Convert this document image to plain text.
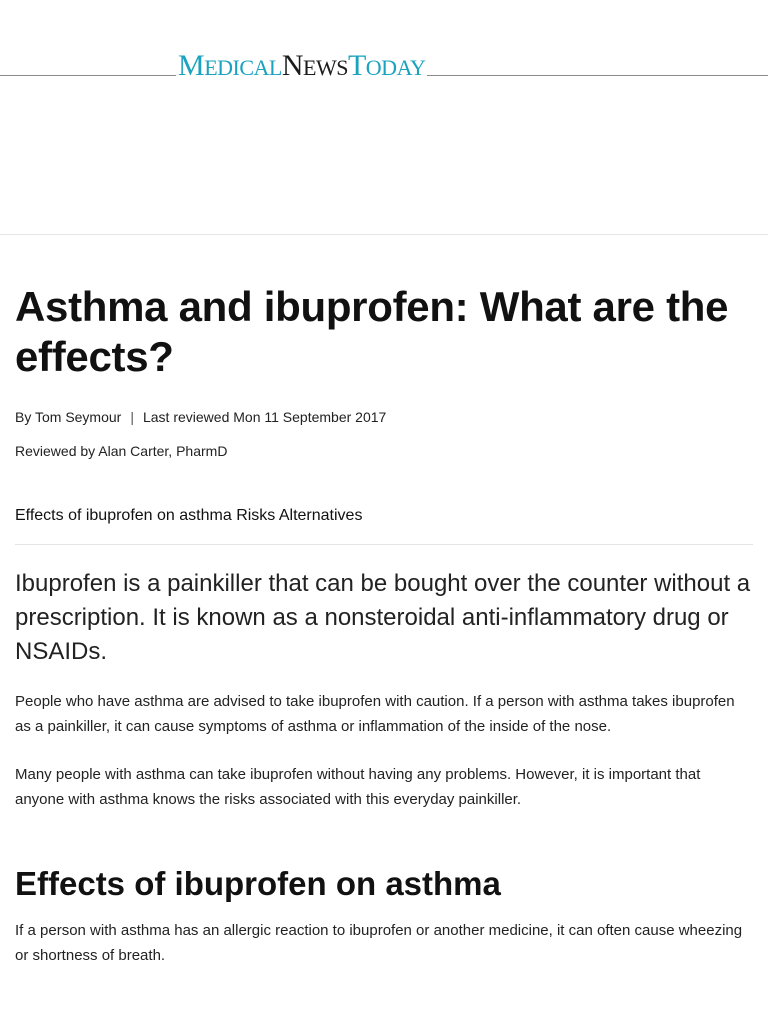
MEDICALNEWSTODAY
Asthma and ibuprofen: What are the effects?
By Tom Seymour | Last reviewed Mon 11 September 2017
Reviewed by Alan Carter, PharmD
Effects of ibuprofen on asthma Risks Alternatives

Ibuprofen is a painkiller that can be bought over the counter without a prescription. It is known as a nonsteroidal anti-inflammatory drug or NSAIDs.

People who have asthma are advised to take ibuprofen with caution. If a person with asthma takes ibuprofen as a painkiller, it can cause symptoms of asthma or inflammation of the inside of the nose.

Many people with asthma can take ibuprofen without having any problems. However, it is important that anyone with asthma knows the risks associated with this everyday painkiller.

Effects of ibuprofen on asthma

If a person with asthma has an allergic reaction to ibuprofen or another medicine, it can often cause wheezing or shortness of breath.
